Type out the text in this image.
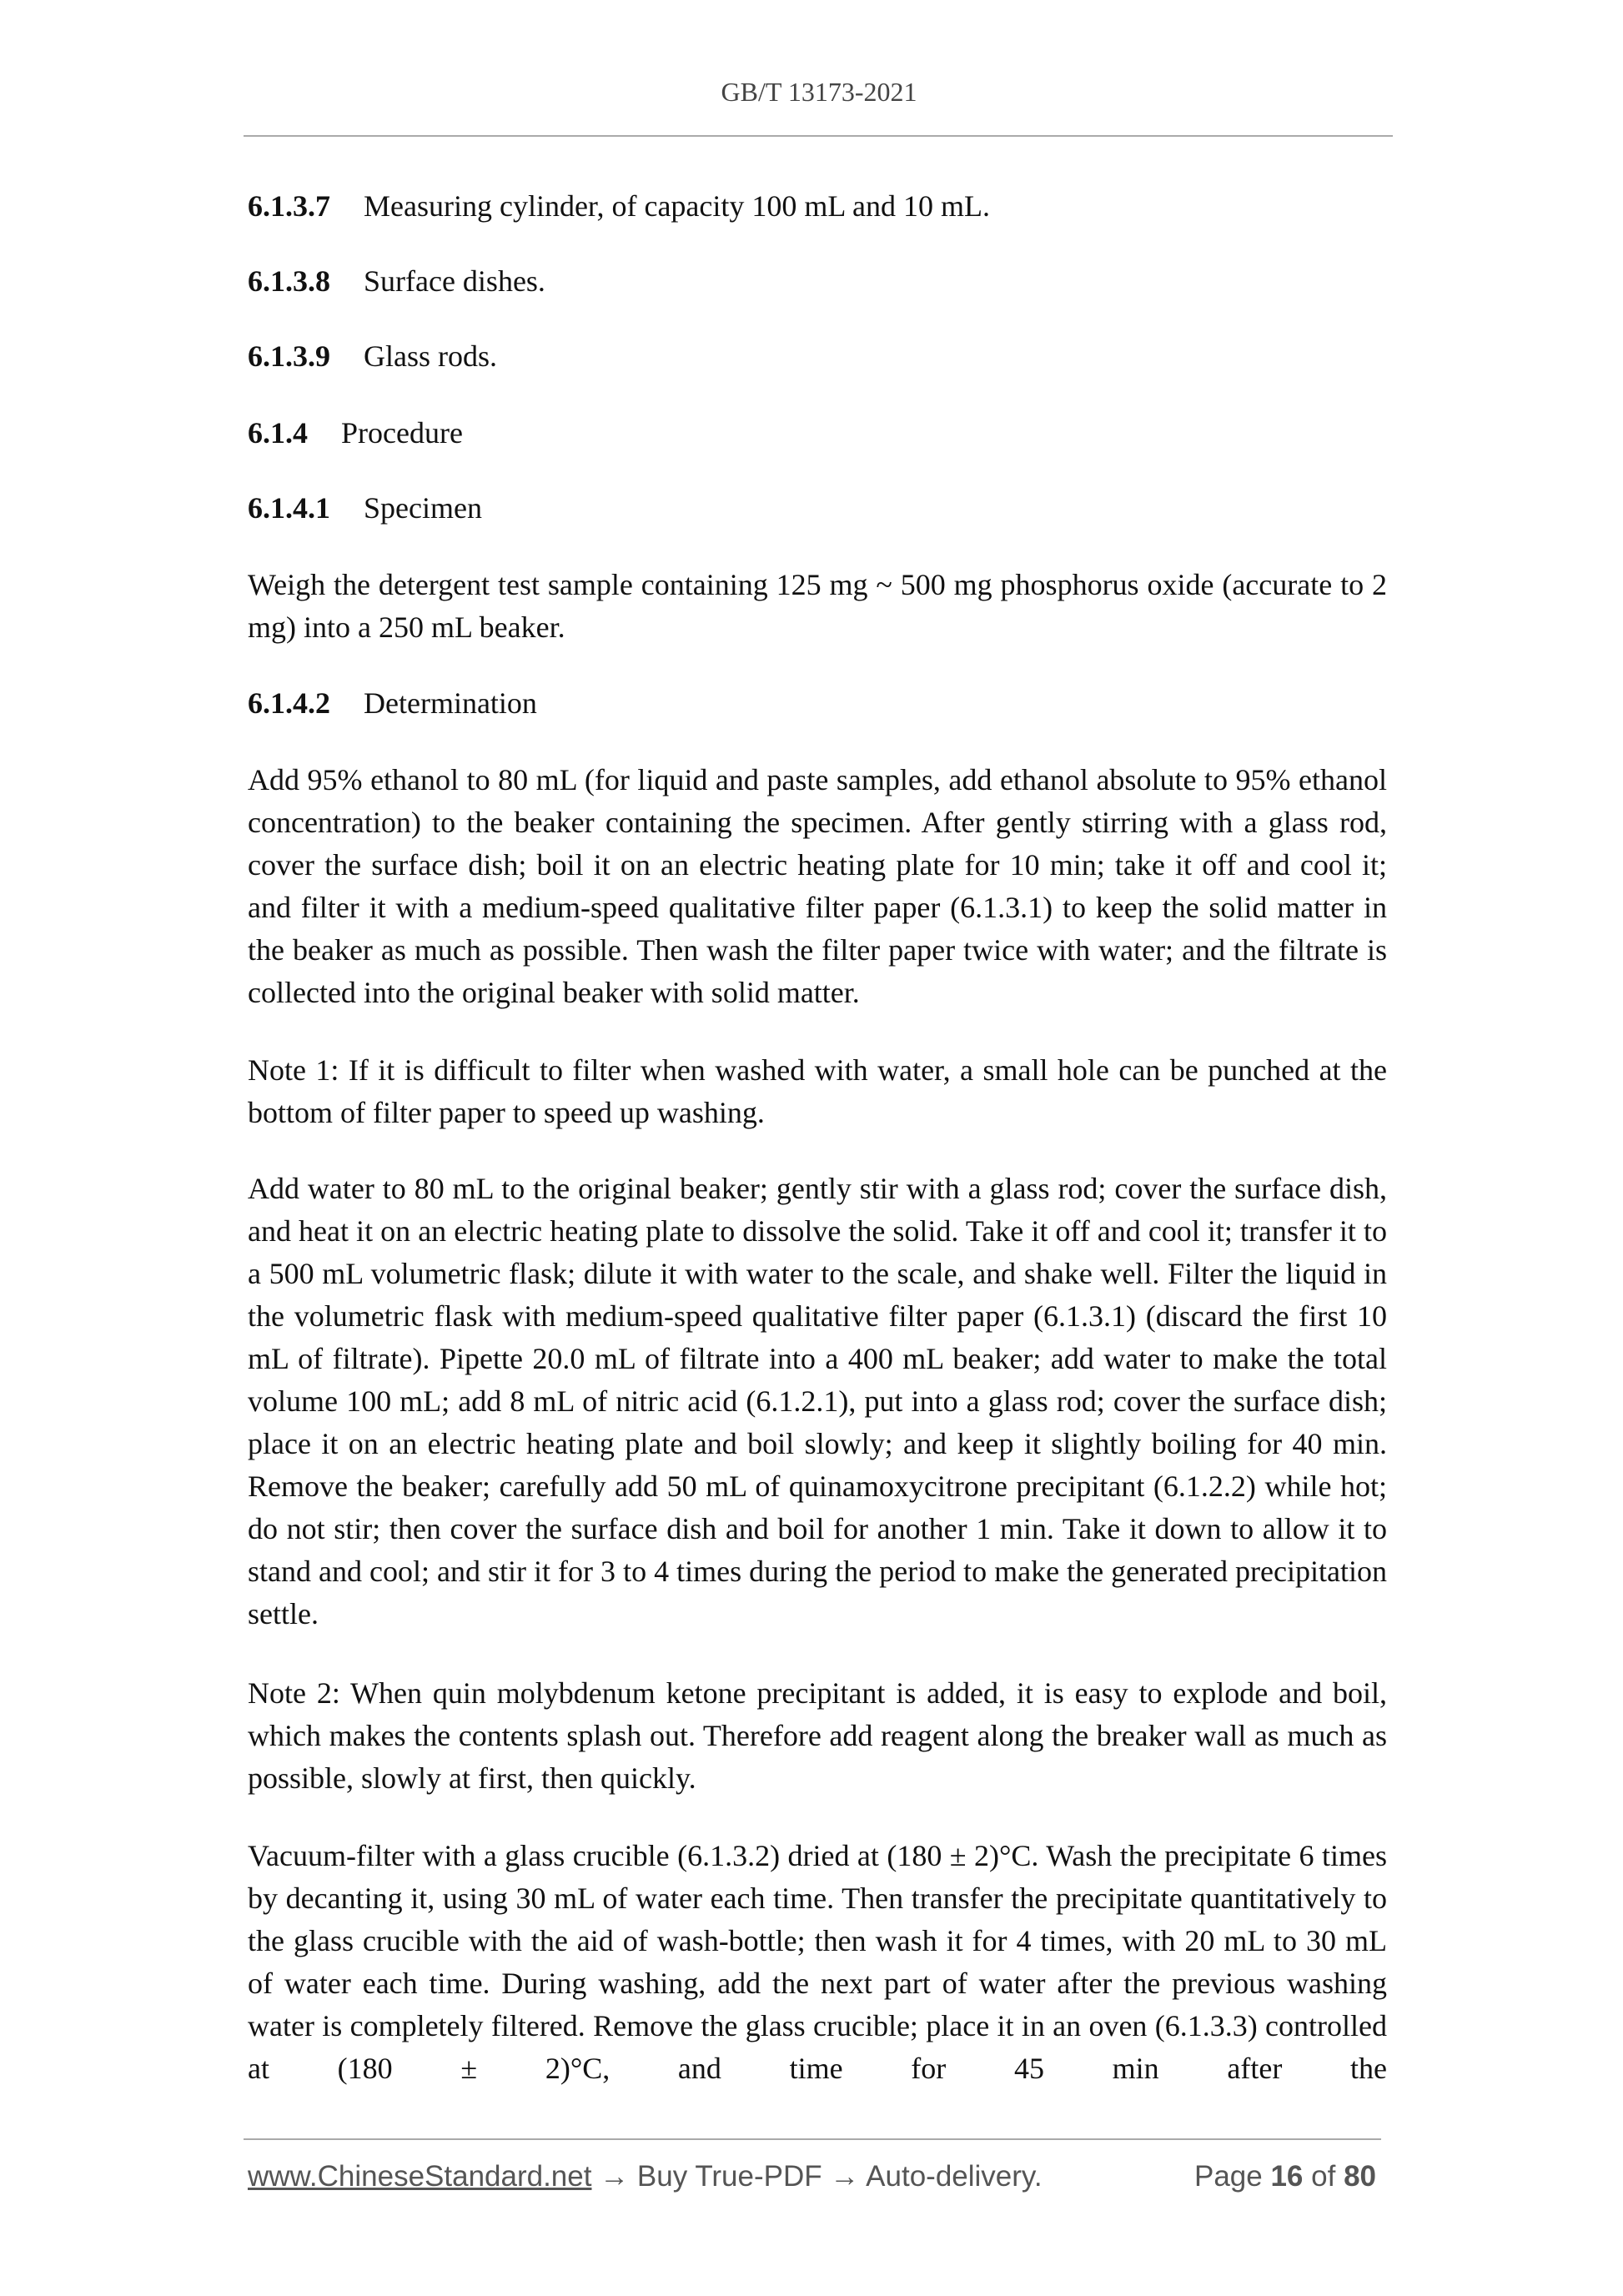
GB/T 13173-2021
6.1.3.7 Measuring cylinder, of capacity 100 mL and 10 mL.
6.1.3.8 Surface dishes.
6.1.3.9 Glass rods.
6.1.4 Procedure
6.1.4.1 Specimen
Weigh the detergent test sample containing 125 mg ~ 500 mg phosphorus oxide (accurate to 2 mg) into a 250 mL beaker.
6.1.4.2 Determination
Add 95% ethanol to 80 mL (for liquid and paste samples, add ethanol absolute to 95% ethanol concentration) to the beaker containing the specimen. After gently stirring with a glass rod, cover the surface dish; boil it on an electric heating plate for 10 min; take it off and cool it; and filter it with a medium-speed qualitative filter paper (6.1.3.1) to keep the solid matter in the beaker as much as possible. Then wash the filter paper twice with water; and the filtrate is collected into the original beaker with solid matter.
Note 1: If it is difficult to filter when washed with water, a small hole can be punched at the bottom of filter paper to speed up washing.
Add water to 80 mL to the original beaker; gently stir with a glass rod; cover the surface dish, and heat it on an electric heating plate to dissolve the solid. Take it off and cool it; transfer it to a 500 mL volumetric flask; dilute it with water to the scale, and shake well. Filter the liquid in the volumetric flask with medium-speed qualitative filter paper (6.1.3.1) (discard the first 10 mL of filtrate). Pipette 20.0 mL of filtrate into a 400 mL beaker; add water to make the total volume 100 mL; add 8 mL of nitric acid (6.1.2.1), put into a glass rod; cover the surface dish; place it on an electric heating plate and boil slowly; and keep it slightly boiling for 40 min. Remove the beaker; carefully add 50 mL of quinamoxycitrone precipitant (6.1.2.2) while hot; do not stir; then cover the surface dish and boil for another 1 min. Take it down to allow it to stand and cool; and stir it for 3 to 4 times during the period to make the generated precipitation settle.
Note 2: When quin molybdenum ketone precipitant is added, it is easy to explode and boil, which makes the contents splash out. Therefore add reagent along the breaker wall as much as possible, slowly at first, then quickly.
Vacuum-filter with a glass crucible (6.1.3.2) dried at (180 ± 2)°C. Wash the precipitate 6 times by decanting it, using 30 mL of water each time. Then transfer the precipitate quantitatively to the glass crucible with the aid of wash-bottle; then wash it for 4 times, with 20 mL to 30 mL of water each time. During washing, add the next part of water after the previous washing water is completely filtered. Remove the glass crucible; place it in an oven (6.1.3.3) controlled at (180 ± 2)°C, and time for 45 min after the
www.ChineseStandard.net → Buy True-PDF → Auto-delivery.	Page 16 of 80
